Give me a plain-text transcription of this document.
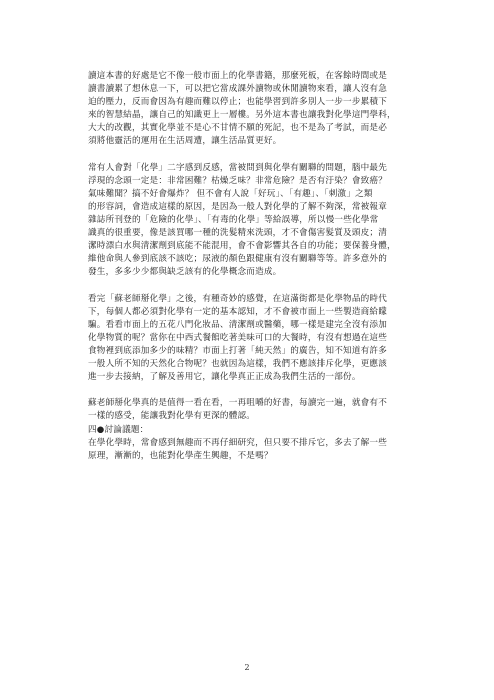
讀這本書的好處是它不像一般市面上的化學書籍，那麼死板，在客餘時間或是
讀書讀累了想休息一下，可以把它當成課外讀物或休閒讀物來看，讓人沒有急
迫的壓力，反而會因為有趣而難以停止；也能學習到許多別人一步一步累積下
來的智慧結晶，讓自己的知識更上一層樓。另外這本書也讓我對化學這門學科，
大大的改觀，其實化學並不是心不甘情不願的死記，也不是為了考試，而是必
須將他靈活的運用在生活周遭，讓生活品質更好。

常有人會對「化學」二字感到反感，當被問到與化學有關聯的問題，腦中最先
浮現的念頭一定是：非常困難？枯燥乏味？非常危險？是否有汙染？會致癌？
氣味難聞？搞不好會爆炸？ 但不會有人說「好玩」、「有趣」、「刺激」之類
的形容詞，會造成這樣的原因，是因為一般人對化學的了解不夠深，常被報章
雜誌所刊登的「危險的化學」、「有毒的化學」等給誤導，所以慢一些化學常
識真的很重要，像是該買哪一種的洗髮精來洗頭，才不會傷害髮質及頭皮；清
潔時漂白水與清潔劑到底能不能混用，會不會影響其各自的功能；要保養身體，
維他命與人參到底該不該吃；尿液的顏色跟健康有沒有關聯等等。許多意外的
發生，多多少少都與缺乏該有的化學概念而造成。

看完「蘇老師掰化學」之後，有種奇妙的感覺，在這滿街都是化學物品的時代
下，每個人都必須對化學有一定的基本認知，才不會被市面上一些製造商給矇
騙。看看市面上的五花八門化妝品、清潔劑或醫藥，哪一樣是建完全沒有添加
化學物質的呢？當你在中西式餐館吃著美味可口的大餐時，有沒有想過在這些
食物裡到底添加多少的味精？市面上打著「純天然」的廣告，知不知道有許多
一般人所不知的天然化合物呢？也就因為這樣，我們不應該排斥化學，更應該
進一步去接納，了解及善用它，讓化學真正正成為我們生活的一部份。

蘇老師掰化學真的是值得一看在看，一再咀嚼的好書，每讀完一遍，就會有不
一樣的感受，能讓我對化學有更深的體認。

四●討論議題：

在學化學時，常會感到無趣而不再仔細研究，但只要不排斥它，多去了解一些
原理，漸漸的，也能對化學產生興趣，不是嗎？

2
